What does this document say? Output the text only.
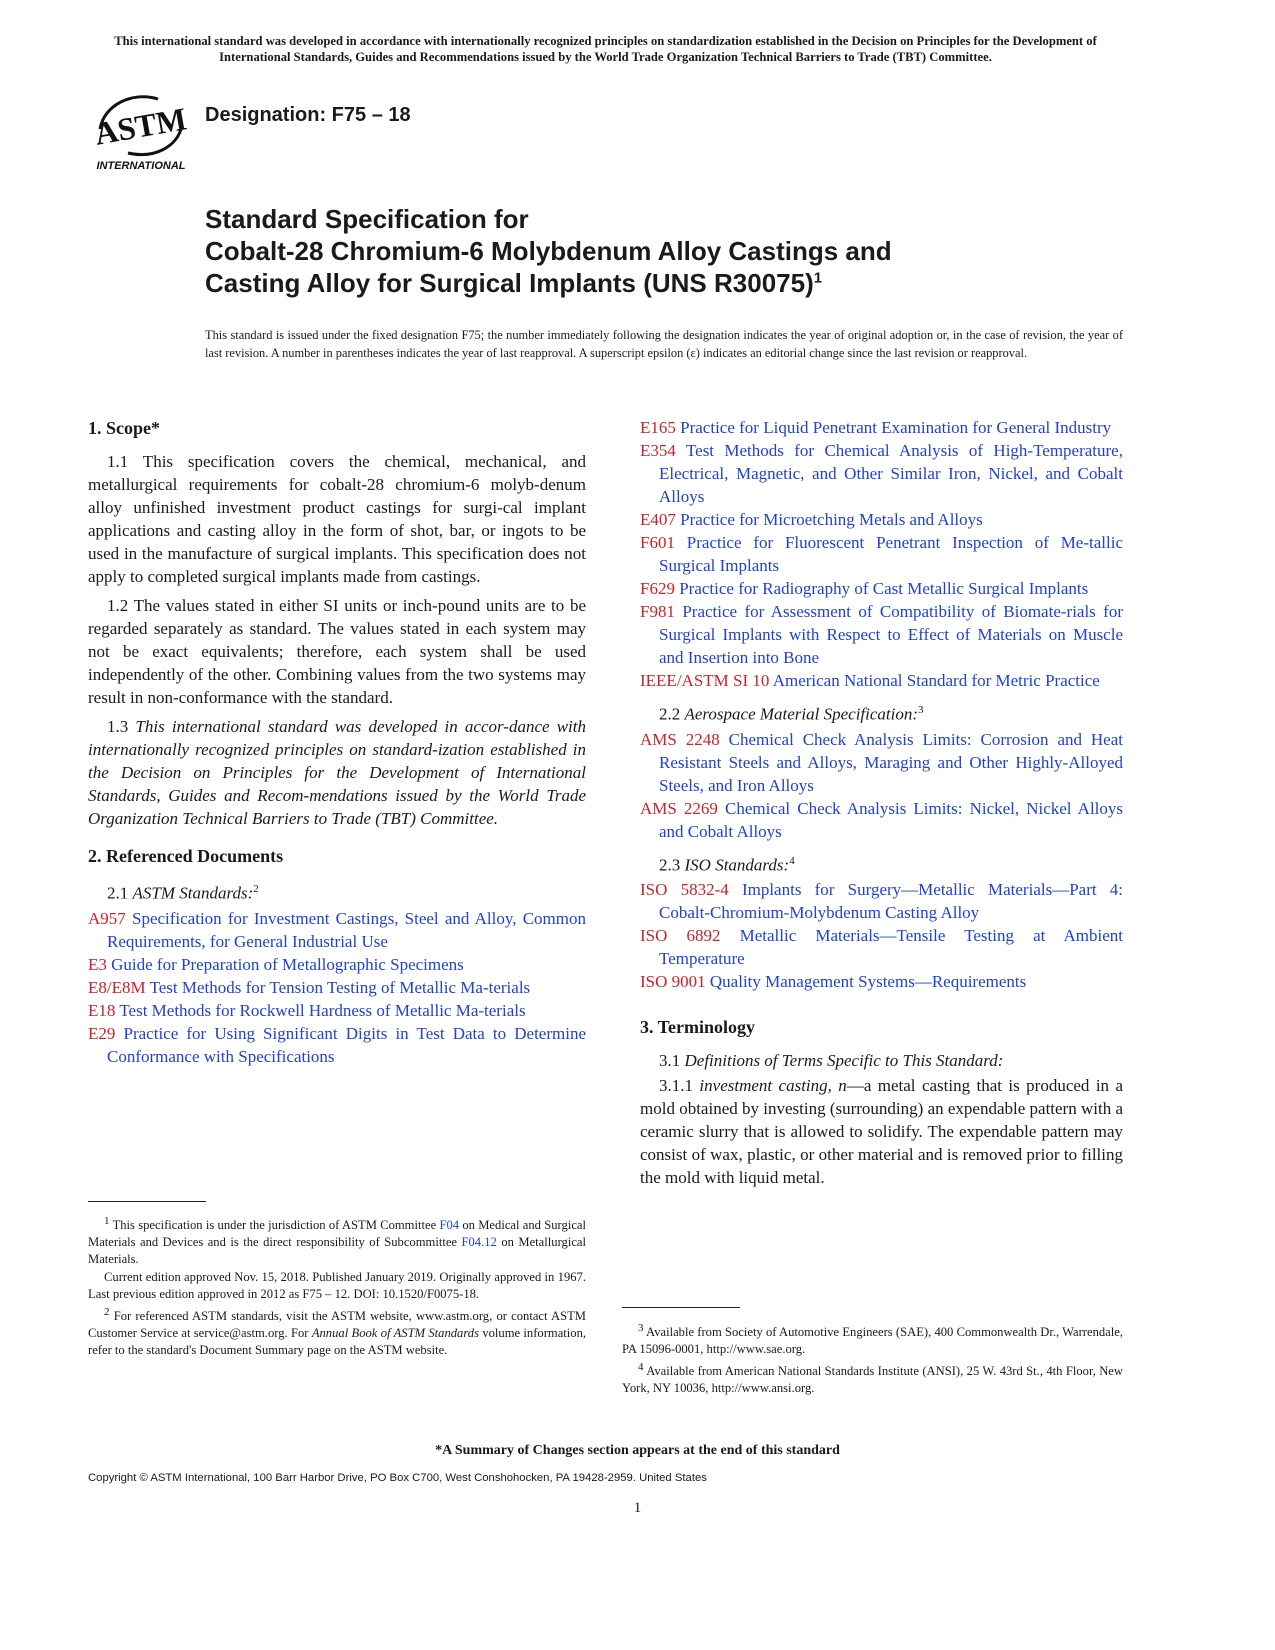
This international standard was developed in accordance with internationally recognized principles on standardization established in the Decision on Principles for the Development of International Standards, Guides and Recommendations issued by the World Trade Organization Technical Barriers to Trade (TBT) Committee.
ASTM
INTERNATIONAL
Designation: F75 – 18
Standard Specification for
Cobalt-28 Chromium-6 Molybdenum Alloy Castings and
Casting Alloy for Surgical Implants (UNS R30075)$^1$
This standard is issued under the fixed designation F75; the number immediately following the designation indicates the year of original adoption or, in the case of revision, the year of last revision. A number in parentheses indicates the year of last reapproval. A superscript epsilon (ε) indicates an editorial change since the last revision or reapproval.
1. Scope*

1.1 This specification covers the chemical, mechanical, and metallurgical requirements for cobalt-28 chromium-6 molyb-denum alloy unfinished investment product castings for surgi-cal implant applications and casting alloy in the form of shot, bar, or ingots to be used in the manufacture of surgical implants. This specification does not apply to completed surgical implants made from castings.

1.2 The values stated in either SI units or inch-pound units are to be regarded separately as standard. The values stated in each system may not be exact equivalents; therefore, each system shall be used independently of the other. Combining values from the two systems may result in non-conformance with the standard.

1.3 This international standard was developed in accor-dance with internationally recognized principles on standard-ization established in the Decision on Principles for the Development of International Standards, Guides and Recom-mendations issued by the World Trade Organization Technical Barriers to Trade (TBT) Committee.

2. Referenced Documents
2.1 ASTM Standards:$^2$
A957 Specification for Investment Castings, Steel and Alloy, Common Requirements, for General Industrial Use
E3 Guide for Preparation of Metallographic Specimens
E8/E8M Test Methods for Tension Testing of Metallic Ma-terials
E18 Test Methods for Rockwell Hardness of Metallic Ma-terials
E29 Practice for Using Significant Digits in Test Data to Determine Conformance with Specifications

$^1$ This specification is under the jurisdiction of ASTM Committee F04 on Medical and Surgical Materials and Devices and is the direct responsibility of Subcommittee F04.12 on Metallurgical Materials.

Current edition approved Nov. 15, 2018. Published January 2019. Originally approved in 1967. Last previous edition approved in 2012 as F75 – 12. DOI: 10.1520/F0075-18.

$^2$ For referenced ASTM standards, visit the ASTM website, www.astm.org, or contact ASTM Customer Service at service@astm.org. For Annual Book of ASTM Standards volume information, refer to the standard's Document Summary page on the ASTM website.

E165 Practice for Liquid Penetrant Examination for General Industry
E354 Test Methods for Chemical Analysis of High-Temperature, Electrical, Magnetic, and Other Similar Iron, Nickel, and Cobalt Alloys
E407 Practice for Microetching Metals and Alloys
F601 Practice for Fluorescent Penetrant Inspection of Me-tallic Surgical Implants
F629 Practice for Radiography of Cast Metallic Surgical Implants
F981 Practice for Assessment of Compatibility of Biomate-rials for Surgical Implants with Respect to Effect of Materials on Muscle and Insertion into Bone
IEEE/ASTM SI 10 American National Standard for Metric Practice
2.2 Aerospace Material Specification:$^3$
AMS 2248 Chemical Check Analysis Limits: Corrosion and Heat Resistant Steels and Alloys, Maraging and Other Highly-Alloyed Steels, and Iron Alloys
AMS 2269 Chemical Check Analysis Limits: Nickel, Nickel Alloys and Cobalt Alloys
2.3 ISO Standards:$^4$
ISO 5832-4 Implants for Surgery—Metallic Materials—Part 4: Cobalt-Chromium-Molybdenum Casting Alloy
ISO 6892 Metallic Materials—Tensile Testing at Ambient Temperature
ISO 9001 Quality Management Systems—Requirements
3. Terminology
3.1 Definitions of Terms Specific to This Standard:

3.1.1 investment casting, n—a metal casting that is produced in a mold obtained by investing (surrounding) an expendable pattern with a ceramic slurry that is allowed to solidify. The expendable pattern may consist of wax, plastic, or other material and is removed prior to filling the mold with liquid metal.

$^3$ Available from Society of Automotive Engineers (SAE), 400 Commonwealth Dr., Warrendale, PA 15096-0001, http://www.sae.org.

$^4$ Available from American National Standards Institute (ANSI), 25 W. 43rd St., 4th Floor, New York, NY 10036, http://www.ansi.org.

*A Summary of Changes section appears at the end of this standard
Copyright © ASTM International, 100 Barr Harbor Drive, PO Box C700, West Conshohocken, PA 19428-2959. United States
1
